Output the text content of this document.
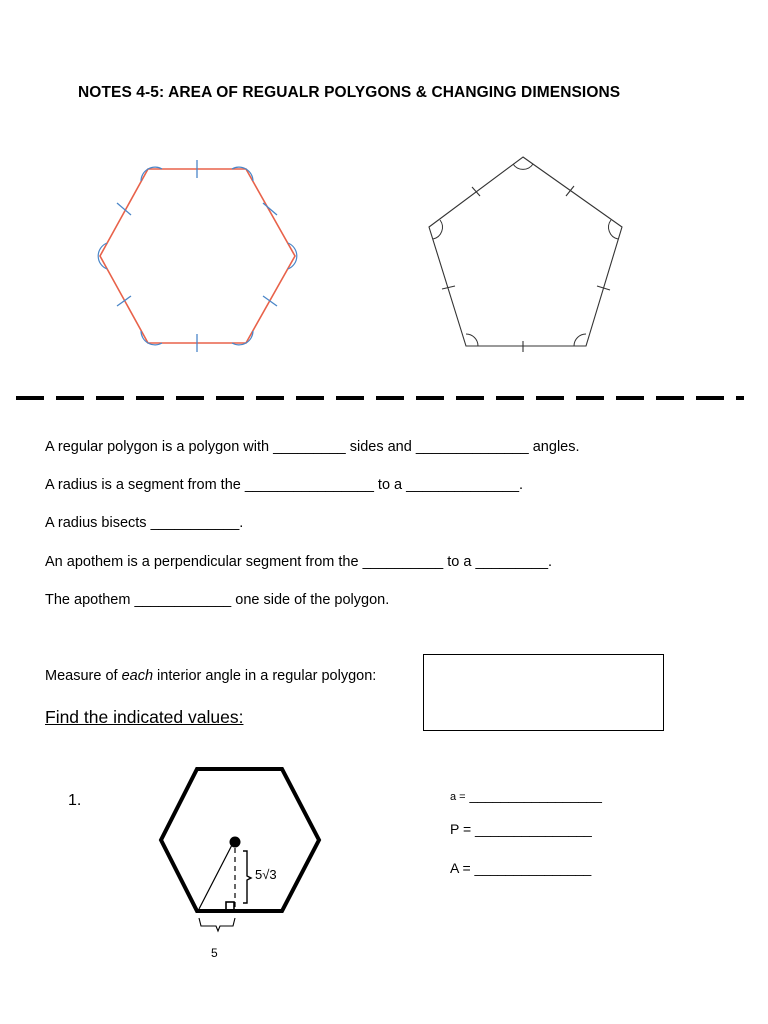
NOTES 4-5: AREA OF REGUALR POLYGONS & CHANGING DIMENSIONS
A regular polygon is a polygon with _________ sides and ______________ angles.
A radius is a segment from the ________________ to a ______________.
A radius bisects ___________.
An apothem is a perpendicular segment from the __________ to a _________.
The apothem ____________ one side of the polygon.
Measure of each interior angle in a regular polygon:
Find the indicated values:
1.
5√3
5
a = _________________
P = _______________
A = _______________
